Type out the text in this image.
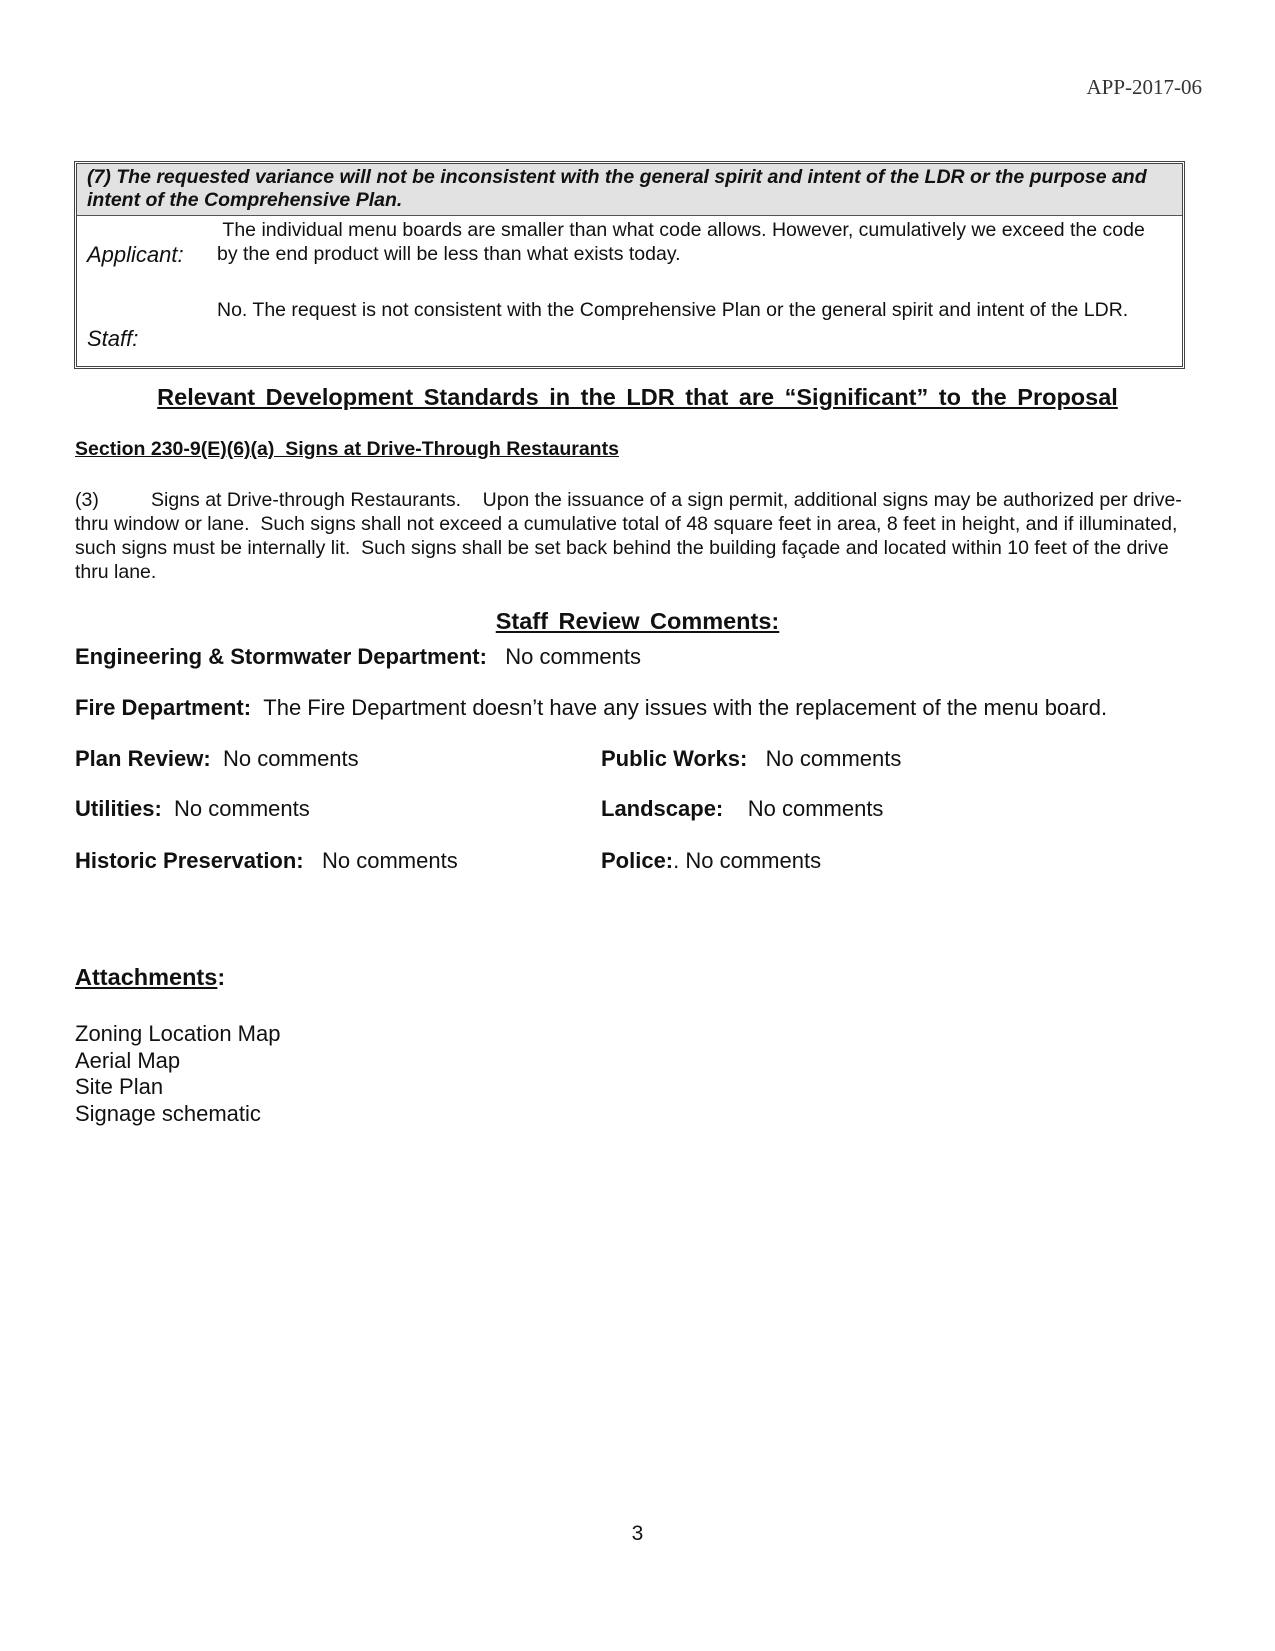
APP-2017-06
(7) The requested variance will not be inconsistent with the general spirit and intent of the LDR or the purpose and intent of the Comprehensive Plan.
Applicant:
The individual menu boards are smaller than what code allows. However, cumulatively we exceed the code by the end product will be less than what exists today.
Staff:
No. The request is not consistent with the Comprehensive Plan or the general spirit and intent of the LDR.
Relevant Development Standards in the LDR that are “Significant” to the Proposal
Section 230-9(E)(6)(a)  Signs at Drive-Through Restaurants
(3)	Signs at Drive-through Restaurants.    Upon the issuance of a sign permit, additional signs may be authorized per drive-thru window or lane.  Such signs shall not exceed a cumulative total of 48 square feet in area, 8 feet in height, and if illuminated, such signs must be internally lit.  Such signs shall be set back behind the building façade and located within 10 feet of the drive thru lane.
Staff Review Comments:
Engineering & Stormwater Department: No comments
Fire Department: The Fire Department doesn’t have any issues with the replacement of the menu board.
Plan Review: No comments	Public Works: No comments
Utilities: No comments	Landscape: No comments
Historic Preservation: No comments	Police:. No comments
Attachments:
Zoning Location Map
Aerial Map
Site Plan
Signage schematic
3
